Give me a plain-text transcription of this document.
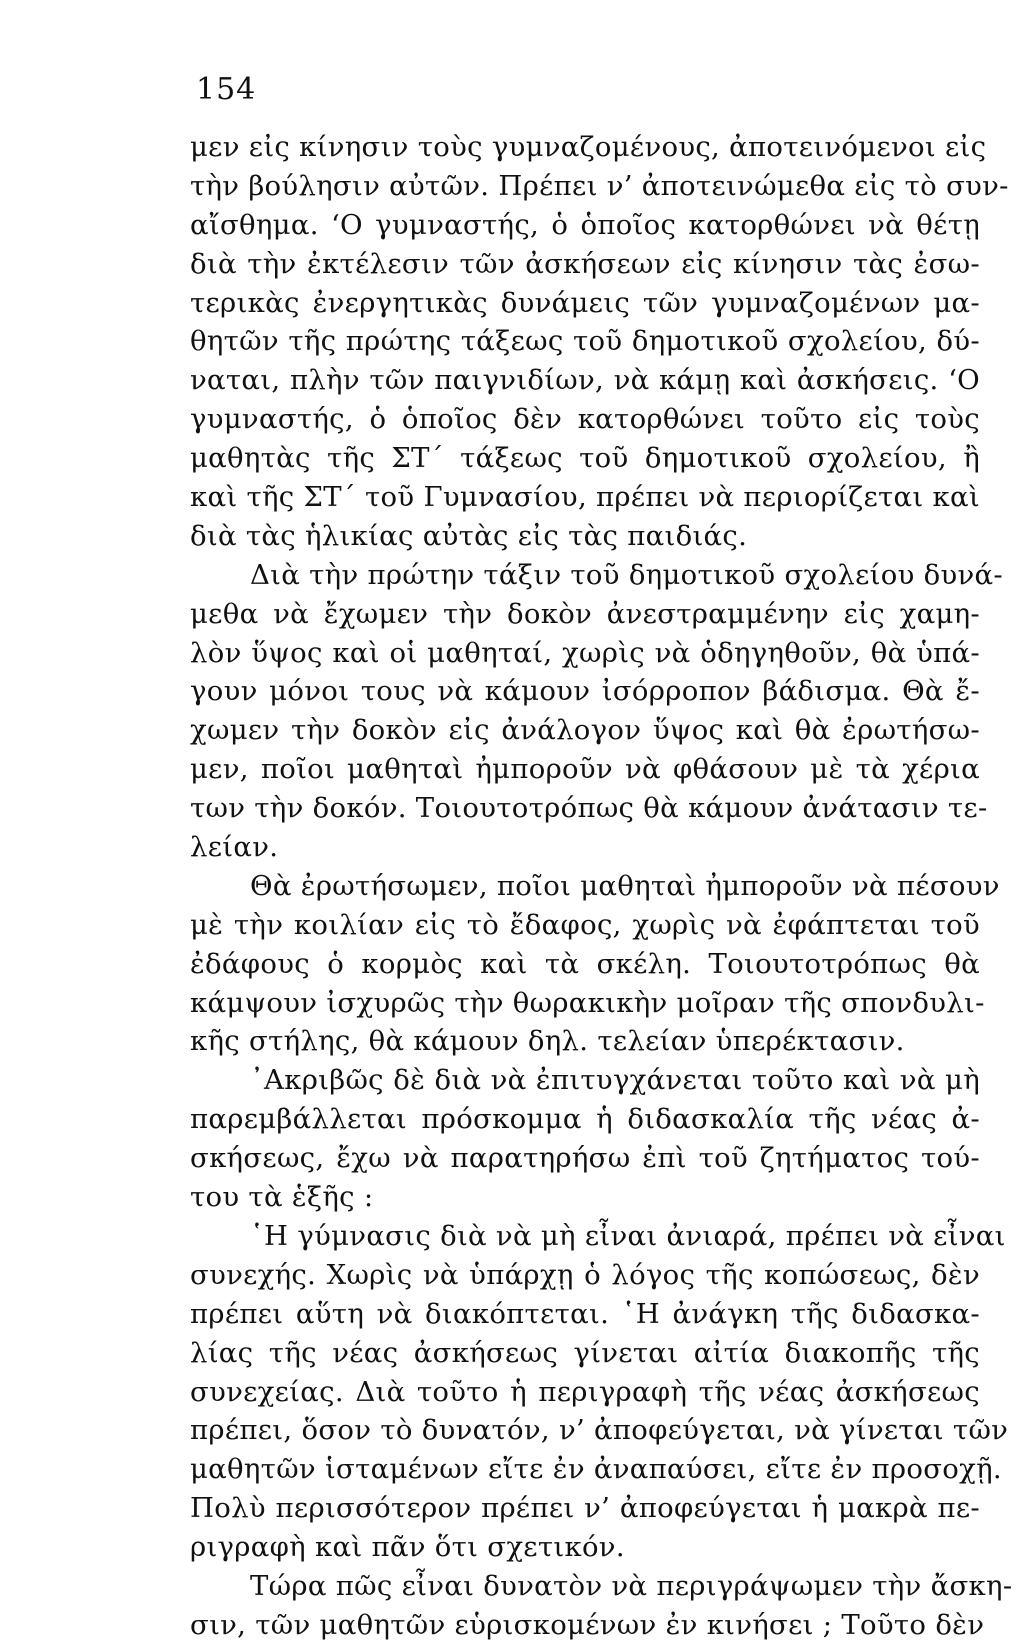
154
μεν εἰς κίνησιν τοὺς γυμναζομένους, ἀποτεινόμενοι εἰς
τὴν βούλησιν αὐτῶν. Πρέπει ν’ ἀποτεινώμεθα εἰς τὸ συν-
αἴσθημα. ‘Ο γυμναστής, ὁ ὁποῖος κατορθώνει νὰ θέτῃ
διὰ τὴν ἐκτέλεσιν τῶν ἀσκήσεων εἰς κίνησιν τὰς ἐσω-
τερικὰς ἐνεργητικὰς δυνάμεις τῶν γυμναζομένων μα-
θητῶν τῆς πρώτης τάξεως τοῦ δημοτικοῦ σχολείου, δύ-
ναται, πλὴν τῶν παιγνιδίων, νὰ κάμῃ καὶ ἀσκήσεις. ‘Ο
γυμναστής, ὁ ὁποῖος δὲν κατορθώνει τοῦτο εἰς τοὺς
μαθητὰς τῆς ΣΤ΄ τάξεως τοῦ δημοτικοῦ σχολείου, ἢ
καὶ τῆς ΣΤ΄ τοῦ Γυμνασίου, πρέπει νὰ περιορίζεται καὶ
διὰ τὰς ἡλικίας αὐτὰς εἰς τὰς παιδιάς.
Διὰ τὴν πρώτην τάξιν τοῦ δημοτικοῦ σχολείου δυνά-
μεθα νὰ ἔχωμεν τὴν δοκὸν ἀνεστραμμένην εἰς χαμη-
λὸν ὕψος καὶ οἱ μαθηταί, χωρὶς νὰ ὁδηγηθοῦν, θὰ ὑπά-
γουν μόνοι τους νὰ κάμουν ἰσόρροπον βάδισμα. Θὰ ἔ-
χωμεν τὴν δοκὸν εἰς ἀνάλογον ὕψος καὶ θὰ ἐρωτήσω-
μεν, ποῖοι μαθηταὶ ἠμποροῦν νὰ φθάσουν μὲ τὰ χέρια
των τὴν δοκόν. Τοιουτοτρόπως θὰ κάμουν ἀνάτασιν τε-
λείαν.
Θὰ ἐρωτήσωμεν, ποῖοι μαθηταὶ ἠμποροῦν νὰ πέσουν
μὲ τὴν κοιλίαν εἰς τὸ ἔδαφος, χωρὶς νὰ ἐφάπτεται τοῦ
ἐδάφους ὁ κορμὸς καὶ τὰ σκέλη. Τοιουτοτρόπως θὰ
κάμψουν ἰσχυρῶς τὴν θωρακικὴν μοῖραν τῆς σπονδυλι-
κῆς στήλης, θὰ κάμουν δηλ. τελείαν ὑπερέκτασιν.
᾿Ακριβῶς δὲ διὰ νὰ ἐπιτυγχάνεται τοῦτο καὶ νὰ μὴ
παρεμβάλλεται πρόσκομμα ἡ διδασκαλία τῆς νέας ἀ-
σκήσεως, ἔχω νὰ παρατηρήσω ἐπὶ τοῦ ζητήματος τού-
του τὰ ἑξῆς :
῾Η γύμνασις διὰ νὰ μὴ εἶναι ἀνιαρά, πρέπει νὰ εἶναι
συνεχής. Χωρὶς νὰ ὑπάρχῃ ὁ λόγος τῆς κοπώσεως, δὲν
πρέπει αὕτη νὰ διακόπτεται. ῾Η ἀνάγκη τῆς διδασκα-
λίας τῆς νέας ἀσκήσεως γίνεται αἰτία διακοπῆς τῆς
συνεχείας. Διὰ τοῦτο ἡ περιγραφὴ τῆς νέας ἀσκήσεως
πρέπει, ὅσον τὸ δυνατόν, ν’ ἀποφεύγεται, νὰ γίνεται τῶν
μαθητῶν ἱσταμένων εἴτε ἐν ἀναπαύσει, εἴτε ἐν προσοχῇ.
Πολὺ περισσότερον πρέπει ν’ ἀποφεύγεται ἡ μακρὰ πε-
ριγραφὴ καὶ πᾶν ὅτι σχετικόν.
Τώρα πῶς εἶναι δυνατὸν νὰ περιγράψωμεν τὴν ἄσκη-
σιν, τῶν μαθητῶν εὑρισκομένων ἐν κινήσει ; Τοῦτο δὲν
